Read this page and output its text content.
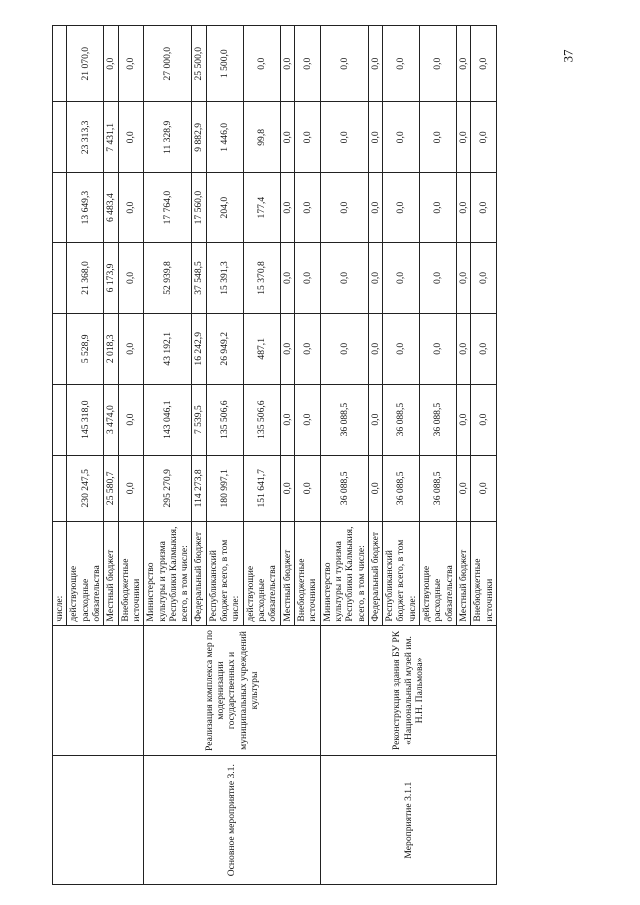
		числе:							
		действующие расходные обязательства	230 247,5	145 318,0	5 528,9	21 368,0	13 649,3	23 313,3	21 070,0
		Местный бюджет	25 580,7	3 474,0	2 018,3	6 173,9	6 483,4	7 431,1	0,0
		Внебюджетные источники	0,0	0,0	0,0	0,0	0,0	0,0	0,0
Основное мероприятие 3.1.	Реализация комплекса мер по модернизации государственных и муниципальных учреждений культуры	Министерство культуры и туризма Республики Калмыкия, всего, в том числе:	295 270,9	143 046,1	43 192,1	52 939,8	17 764,0	11 328,9	27 000,0
		Федеральный бюджет	114 273,8	7 539,5	16 242,9	37 548,5	17 560,0	9 882,9	25 500,0
		Республиканский бюджет всего, в том числе:	180 997,1	135 506,6	26 949,2	15 391,3	204,0	1 446,0	1 500,0
		действующие расходные обязательства	151 641,7	135 506,6	487,1	15 370,8	177,4	99,8	0,0
		Местный бюджет	0,0	0,0	0,0	0,0	0,0	0,0	0,0
		Внебюджетные источники	0,0	0,0	0,0	0,0	0,0	0,0	0,0
Мероприятие 3.1.1	Реконструкция здания БУ РК «Национальный музей им. Н.Н. Пальмова»	Министерство культуры и туризма Республики Калмыкия, всего, в том числе:	36 088,5	36 088,5	0,0	0,0	0,0	0,0	0,0
		Федеральный бюджет	0,0	0,0	0,0	0,0	0,0	0,0	0,0
		Республиканский бюджет всего, в том числе:	36 088,5	36 088,5	0,0	0,0	0,0	0,0	0,0
		действующие расходные обязательства	36 088,5	36 088,5	0,0	0,0	0,0	0,0	0,0
		Местный бюджет	0,0	0,0	0,0	0,0	0,0	0,0	0,0
		Внебюджетные источники	0,0	0,0	0,0	0,0	0,0	0,0	0,0
37
